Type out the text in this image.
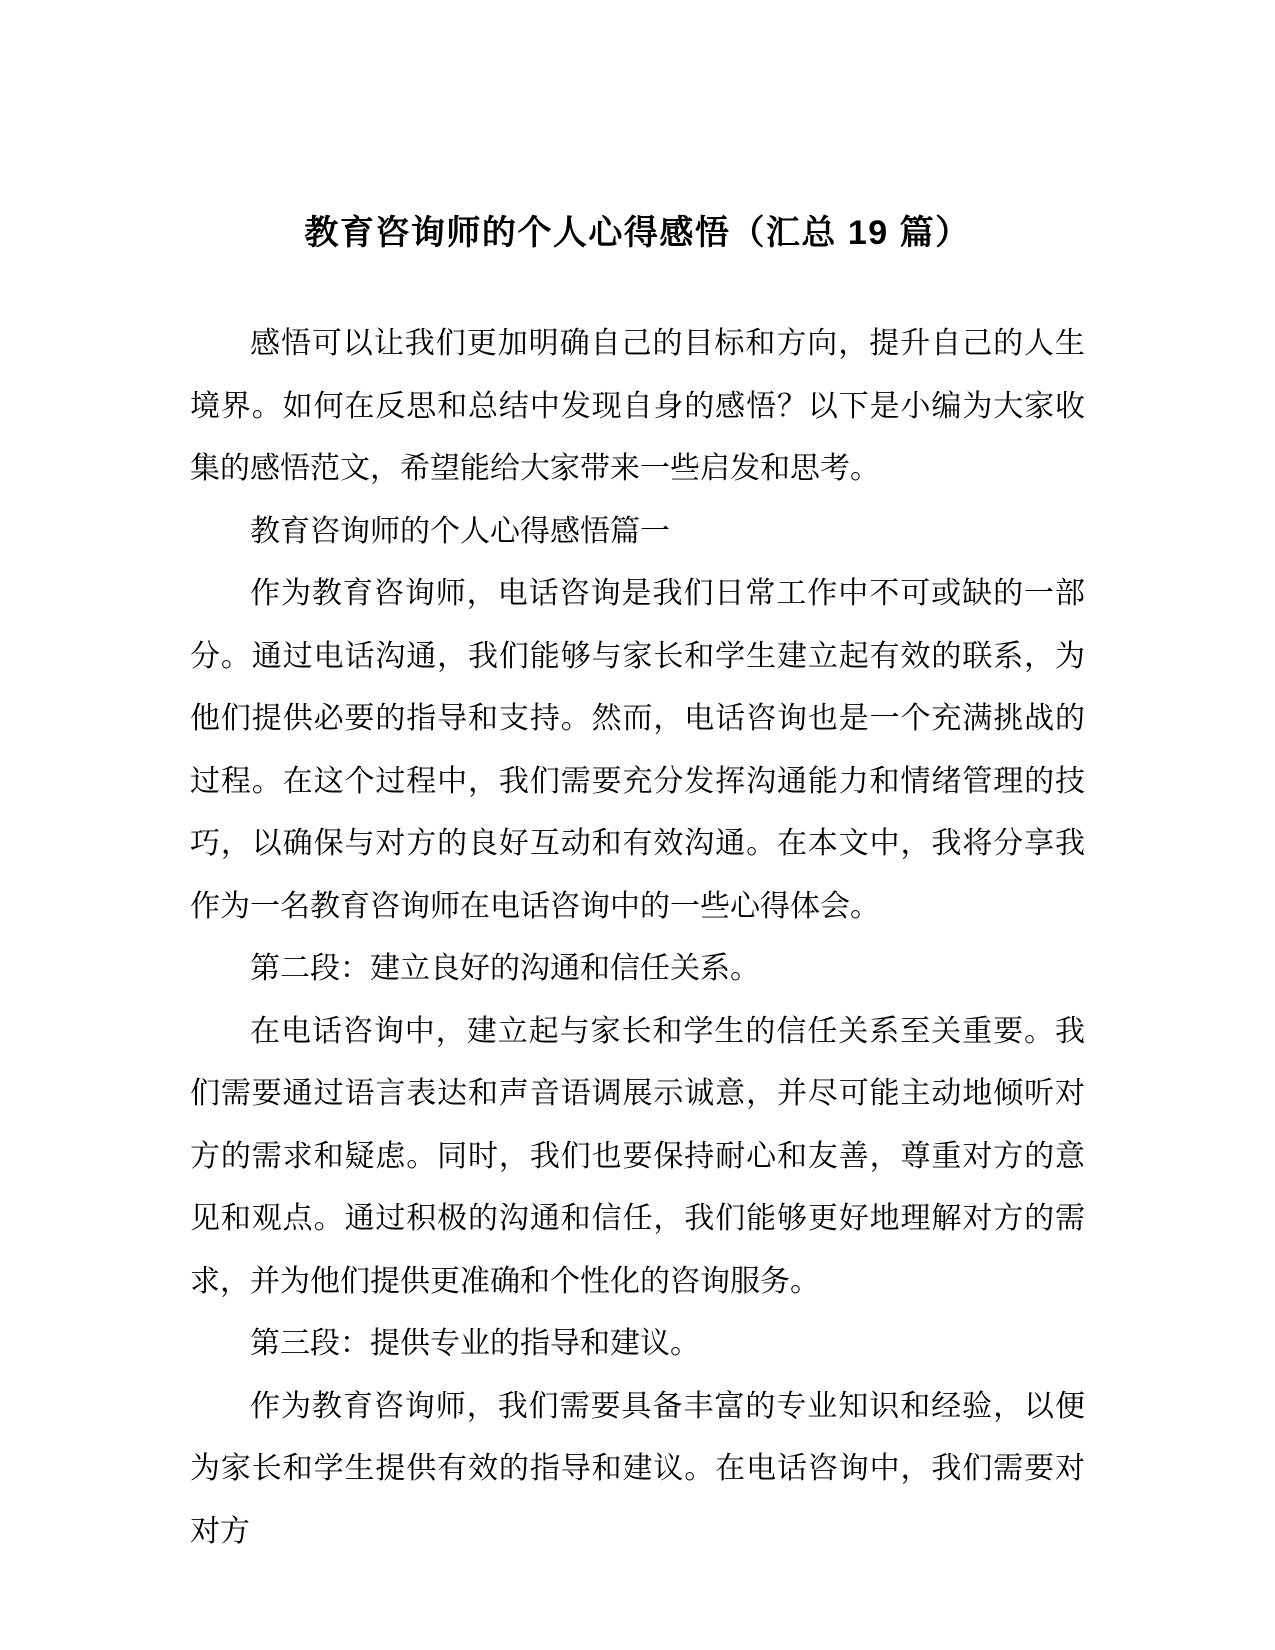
教育咨询师的个人心得感悟（汇总 19 篇）

感悟可以让我们更加明确自己的目标和方向，提升自己的人生境界。如何在反思和总结中发现自身的感悟？以下是小编为大家收集的感悟范文，希望能给大家带来一些启发和思考。

教育咨询师的个人心得感悟篇一

作为教育咨询师，电话咨询是我们日常工作中不可或缺的一部分。通过电话沟通，我们能够与家长和学生建立起有效的联系，为他们提供必要的指导和支持。然而，电话咨询也是一个充满挑战的过程。在这个过程中，我们需要充分发挥沟通能力和情绪管理的技巧，以确保与对方的良好互动和有效沟通。在本文中，我将分享我作为一名教育咨询师在电话咨询中的一些心得体会。

第二段：建立良好的沟通和信任关系。

在电话咨询中，建立起与家长和学生的信任关系至关重要。我们需要通过语言表达和声音语调展示诚意，并尽可能主动地倾听对方的需求和疑虑。同时，我们也要保持耐心和友善，尊重对方的意见和观点。通过积极的沟通和信任，我们能够更好地理解对方的需求，并为他们提供更准确和个性化的咨询服务。

第三段：提供专业的指导和建议。

作为教育咨询师，我们需要具备丰富的专业知识和经验，以便为家长和学生提供有效的指导和建议。在电话咨询中，我们需要对对方
